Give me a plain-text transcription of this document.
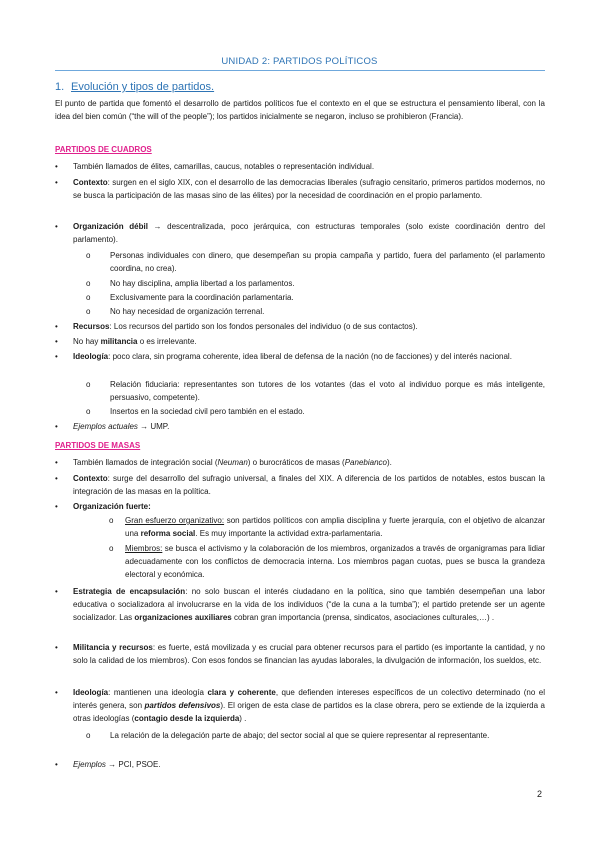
UNIDAD 2: PARTIDOS POLÍTICOS
1. Evolución y tipos de partidos.
El punto de partida que fomentó el desarrollo de partidos políticos fue el contexto en el que se estructura el pensamiento liberal, con la idea del bien común (“the will of the people”); los partidos inicialmente se negaron, incluso se prohibieron (Francia).
PARTIDOS DE CUADROS
•	También llamados de élites, camarillas, caucus, notables o representación individual.
•	Contexto: surgen en el siglo XIX, con el desarrollo de las democracias liberales (sufragio censitario, primeros partidos modernos, no se busca la participación de las masas sino de las élites) por la necesidad de coordinación en el propio parlamento.
•	Organización débil → descentralizada, poco jerárquica, con estructuras temporales (solo existe coordinación dentro del parlamento).
o Personas individuales con dinero, que desempeñan su propia campaña y partido, fuera del parlamento (el parlamento coordina, no crea).
o No hay disciplina, amplia libertad a los parlamentos.
o Exclusivamente para la coordinación parlamentaria.
o No hay necesidad de organización terrenal.
•	Recursos: Los recursos del partido son los fondos personales del individuo (o de sus contactos).
•	No hay militancia o es irrelevante.
•	Ideología: poco clara, sin programa coherente, idea liberal de defensa de la nación (no de facciones) y del interés nacional.
o Relación fiduciaria: representantes son tutores de los votantes (das el voto al individuo porque es más inteligente, persuasivo, competente).
o Insertos en la sociedad civil pero también en el estado.
•	Ejemplos actuales → UMP.
PARTIDOS DE MASAS
•	También llamados de integración social (Neuman) o burocráticos de masas (Panebianco).
•	Contexto: surge del desarrollo del sufragio universal, a finales del XIX. A diferencia de los partidos de notables, estos buscan la integración de las masas en la política.
•	Organización fuerte:
o Gran esfuerzo organizativo: son partidos políticos con amplia disciplina y fuerte jerarquía, con el objetivo de alcanzar una reforma social. Es muy importante la actividad extra-parlamentaria.
o Miembros: se busca el activismo y la colaboración de los miembros, organizados a través de organigramas para lidiar adecuadamente con los conflictos de democracia interna. Los miembros pagan cuotas, pues se busca la grandeza electoral y económica.
•	Estrategia de encapsulación: no solo buscan el interés ciudadano en la política, sino que también desempeñan una labor educativa o socializadora al involucrarse en la vida de los individuos (“de la cuna a la tumba”); el partido pretende ser un agente socializador. Las organizaciones auxiliares cobran gran importancia (prensa, sindicatos, asociaciones culturales,…) .
•	Militancia y recursos: es fuerte, está movilizada y es crucial para obtener recursos para el partido (es importante la cantidad, y no solo la calidad de los miembros). Con esos fondos se financian las ayudas laborales, la divulgación de información, los sueldos, etc.
•	Ideología: mantienen una ideología clara y coherente, que defienden intereses específicos de un colectivo determinado (no el interés genera, son partidos defensivos). El origen de esta clase de partidos es la clase obrera, pero se extiende de la izquierda a otras ideologías (contagio desde la izquierda) .
o La relación de la delegación parte de abajo; del sector social al que se quiere representar al representante.
•	Ejemplos → PCI, PSOE.
2
